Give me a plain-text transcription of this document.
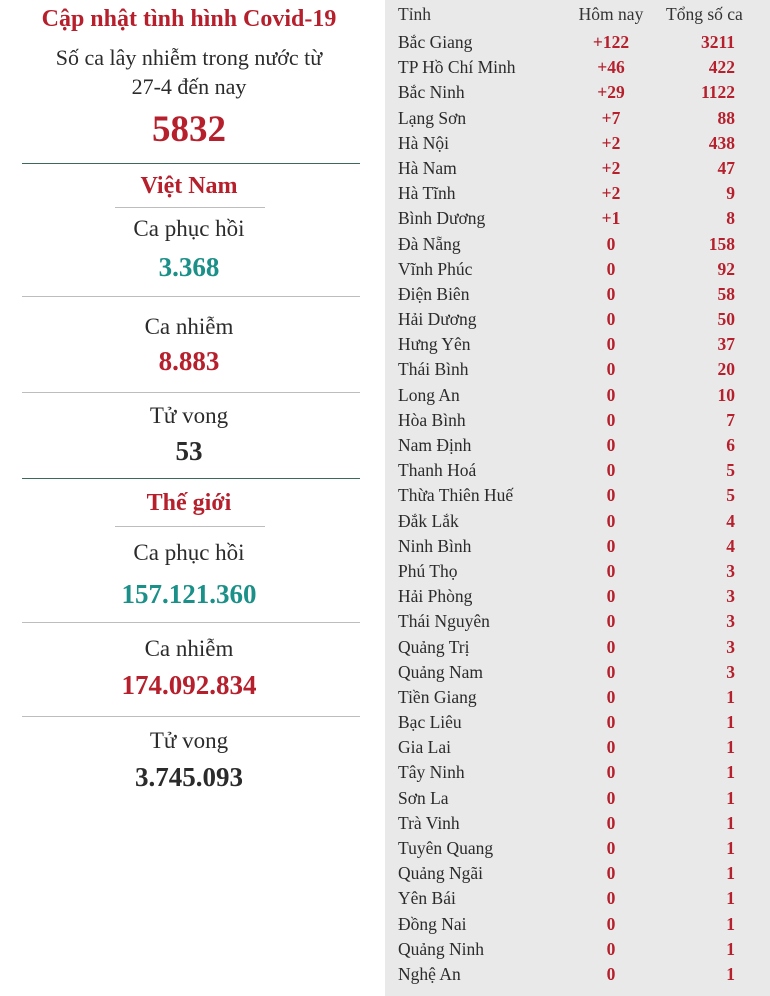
Cập nhật tình hình Covid-19
Số ca lây nhiễm trong nước từ
27-4 đến nay
5832
Việt Nam
Ca phục hồi
3.368
Ca nhiễm
8.883
Tử vong
53
Thế giới
Ca phục hồi
157.121.360
Ca nhiễm
174.092.834
Tử vong
3.745.093
Tỉnh	Hôm nay	Tổng số ca
Bắc Giang	+122	3211
TP Hồ Chí Minh	+46	422
Bắc Ninh	+29	1122
Lạng Sơn	+7	88
Hà Nội	+2	438
Hà Nam	+2	47
Hà Tĩnh	+2	9
Bình Dương	+1	8
Đà Nẵng	0	158
Vĩnh Phúc	0	92
Điện Biên	0	58
Hải Dương	0	50
Hưng Yên	0	37
Thái Bình	0	20
Long An	0	10
Hòa Bình	0	7
Nam Định	0	6
Thanh Hoá	0	5
Thừa Thiên Huế	0	5
Đắk Lắk	0	4
Ninh Bình	0	4
Phú Thọ	0	3
Hải Phòng	0	3
Thái Nguyên	0	3
Quảng Trị	0	3
Quảng Nam	0	3
Tiền Giang	0	1
Bạc Liêu	0	1
Gia Lai	0	1
Tây Ninh	0	1
Sơn La	0	1
Trà Vinh	0	1
Tuyên Quang	0	1
Quảng Ngãi	0	1
Yên Bái	0	1
Đồng Nai	0	1
Quảng Ninh	0	1
Nghệ An	0	1
